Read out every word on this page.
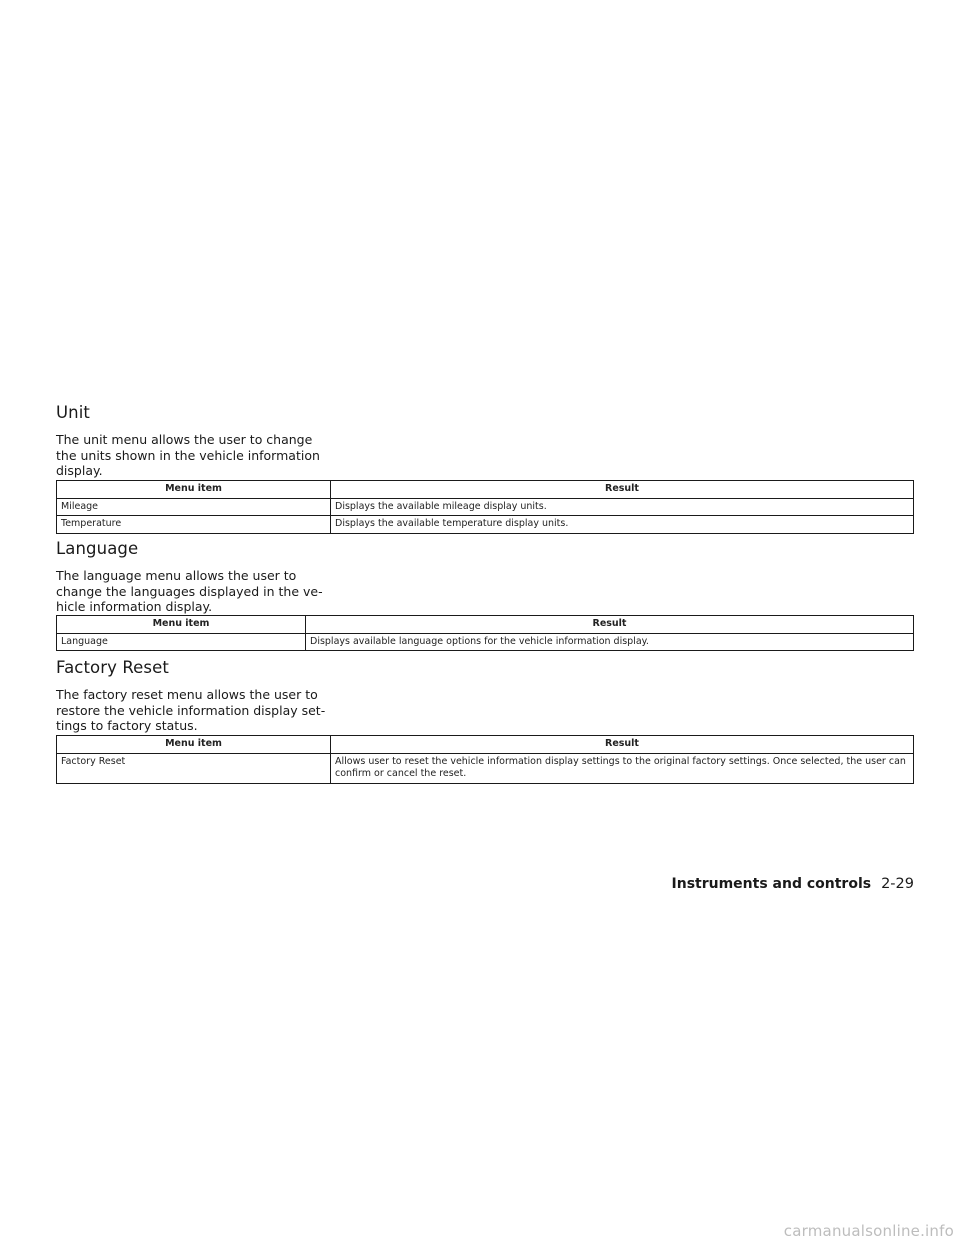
Unit

The unit menu allows the user to change
the units shown in the vehicle information
display.

Menu item	Result
Mileage	Displays the available mileage display units.
Temperature	Displays the available temperature display units.
Language

The language menu allows the user to
change the languages displayed in the ve-
hicle information display.

Menu item	Result
Language	Displays available language options for the vehicle information display.
Factory Reset

The factory reset menu allows the user to
restore the vehicle information display set-
tings to factory status.

Menu item	Result
Factory Reset	Allows user to reset the vehicle information display settings to the original factory settings. Once selected, the user can confirm or cancel the reset.
Instruments and controls 2-29
carmanualsonline.info
